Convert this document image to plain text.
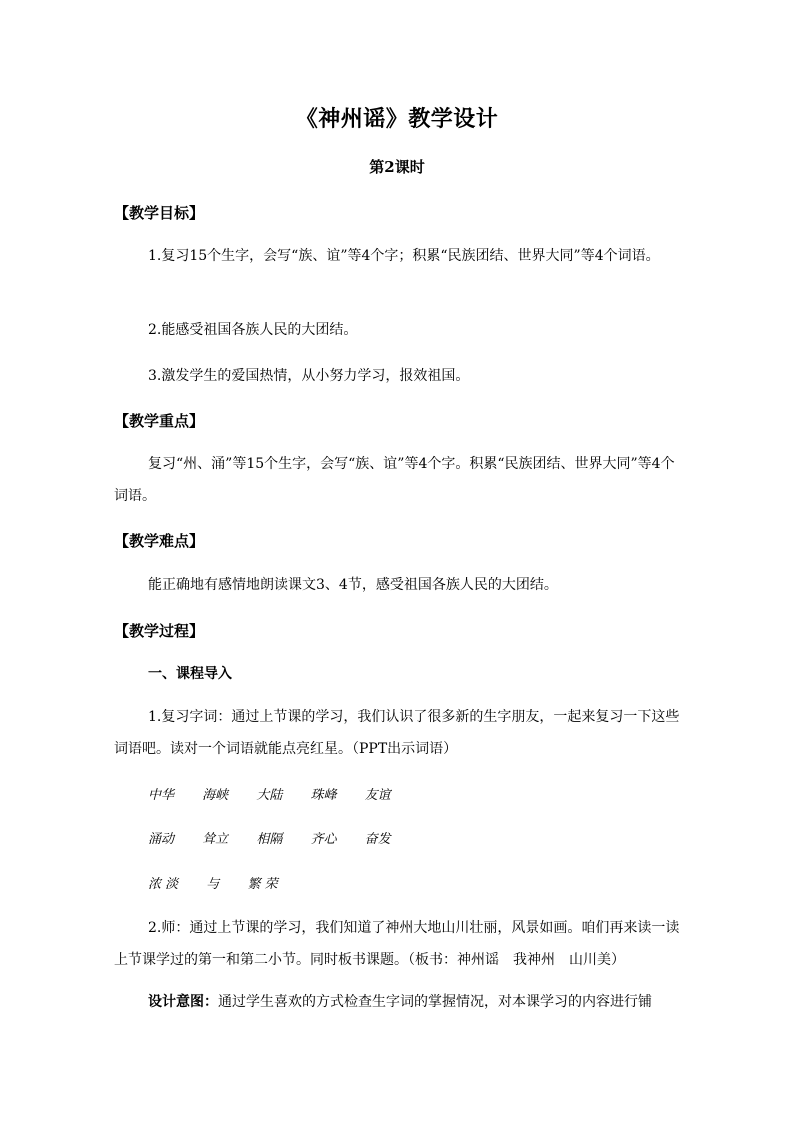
《神州谣》教学设计
第2课时
【教学目标】

1.复习15个生字，会写“族、谊”等4个字；积累“民族团结、世界大同”等4个词语。

2.能感受祖国各族人民的大团结。

3.激发学生的爱国热情，从小努力学习，报效祖国。

【教学重点】

复习“州、涌”等15个生字，会写“族、谊”等4个字。积累“民族团结、世界大同”等4个词语。

【教学难点】

能正确地有感情地朗读课文3、4节，感受祖国各族人民的大团结。

【教学过程】
一、课程导入

1.复习字词：通过上节课的学习，我们认识了很多新的生字朋友，一起来复习一下这些词语吧。读对一个词语就能点亮红星。（PPT出示词语）

中华 海峡 大陆 珠峰 友谊
涌动 耸立 相隔 齐心 奋发
浓 淡 与 繁 荣

2.师：通过上节课的学习，我们知道了神州大地山川壮丽，风景如画。咱们再来读一读上节课学过的第一和第二小节。同时板书课题。（板书：神州谣　我神州　山川美）

设计意图：通过学生喜欢的方式检查生字词的掌握情况，对本课学习的内容进行铺
